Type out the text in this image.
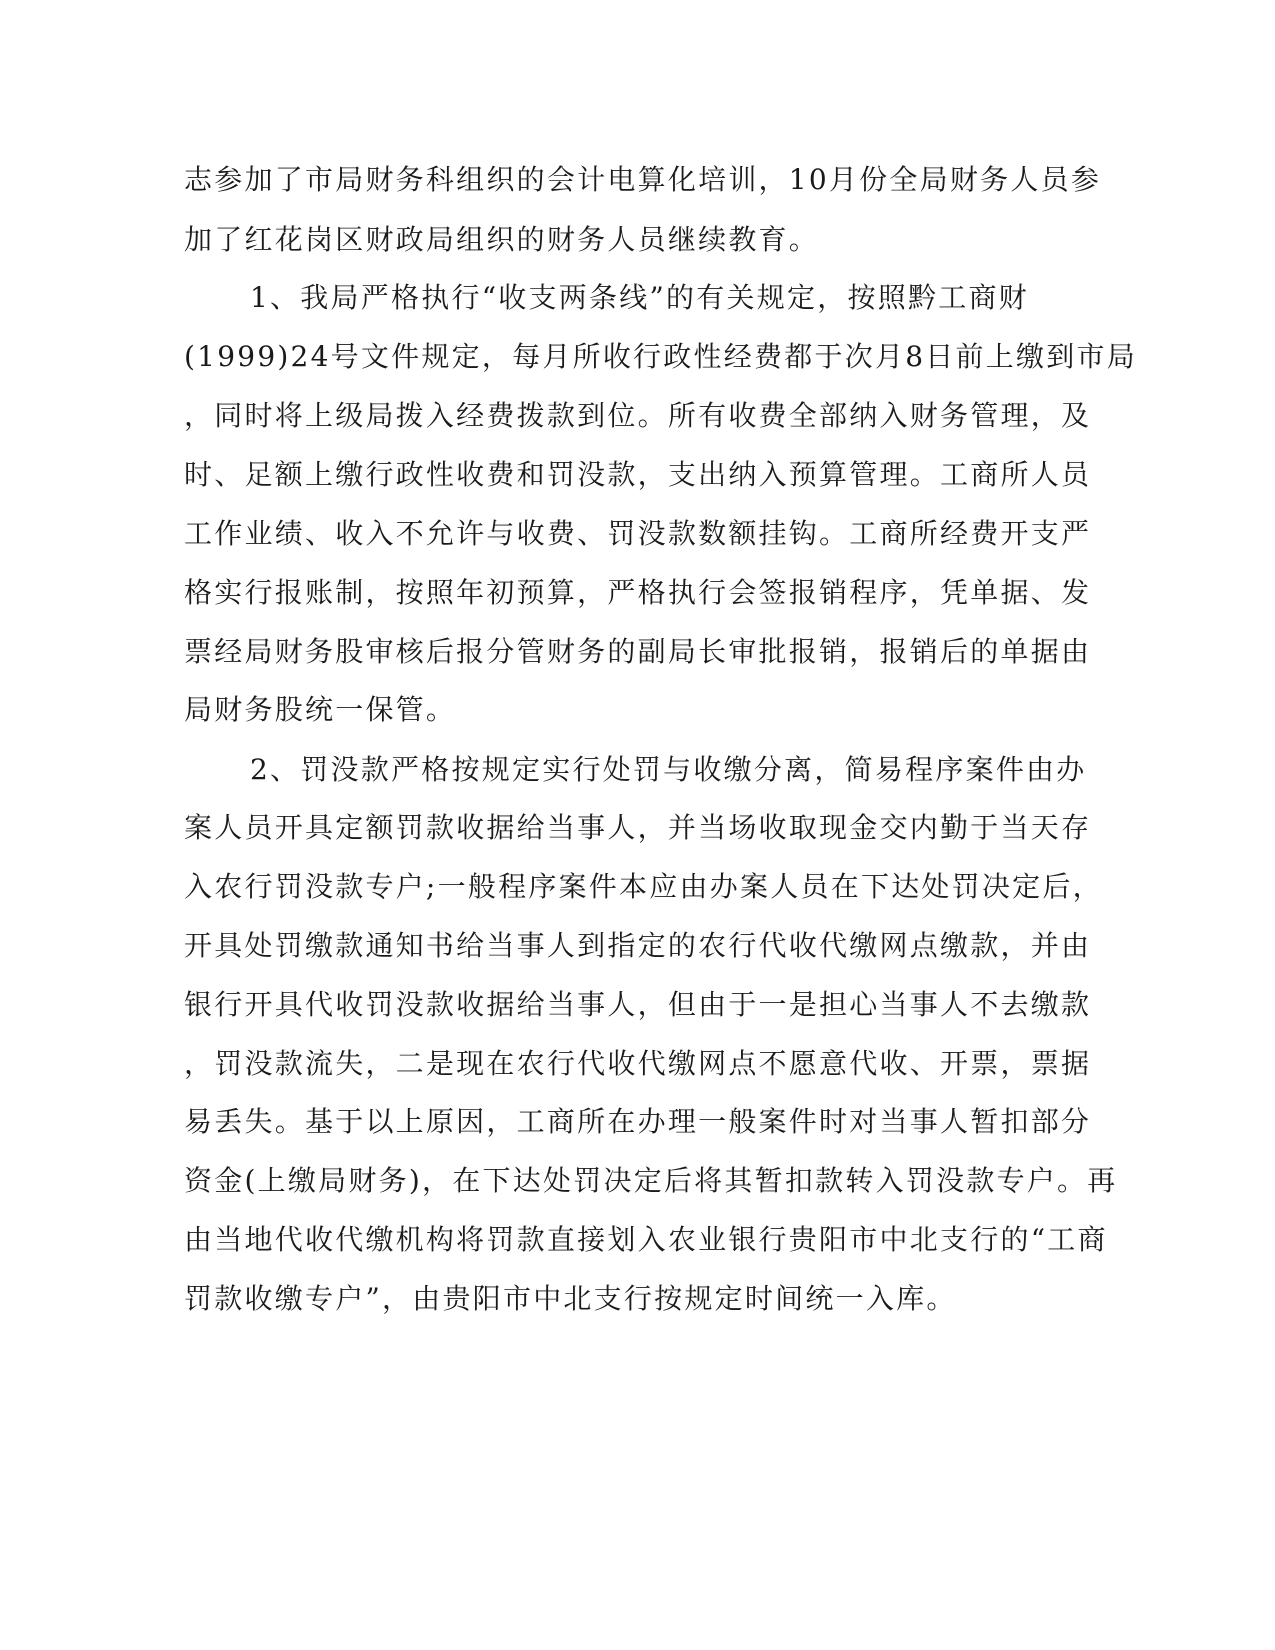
志参加了市局财务科组织的会计电算化培训，10月份全局财务人员参

加了红花岗区财政局组织的财务人员继续教育。

1、我局严格执行“收支两条线”的有关规定，按照黔工商财

(1999)24号文件规定，每月所收行政性经费都于次月8日前上缴到市局

，同时将上级局拨入经费拨款到位。所有收费全部纳入财务管理，及

时、足额上缴行政性收费和罚没款，支出纳入预算管理。工商所人员

工作业绩、收入不允许与收费、罚没款数额挂钩。工商所经费开支严

格实行报账制，按照年初预算，严格执行会签报销程序，凭单据、发

票经局财务股审核后报分管财务的副局长审批报销，报销后的单据由

局财务股统一保管。

2、罚没款严格按规定实行处罚与收缴分离，简易程序案件由办

案人员开具定额罚款收据给当事人，并当场收取现金交内勤于当天存

入农行罚没款专户;一般程序案件本应由办案人员在下达处罚决定后，

开具处罚缴款通知书给当事人到指定的农行代收代缴网点缴款，并由

银行开具代收罚没款收据给当事人，但由于一是担心当事人不去缴款

，罚没款流失，二是现在农行代收代缴网点不愿意代收、开票，票据

易丢失。基于以上原因，工商所在办理一般案件时对当事人暂扣部分

资金(上缴局财务)，在下达处罚决定后将其暂扣款转入罚没款专户。再

由当地代收代缴机构将罚款直接划入农业银行贵阳市中北支行的“工商

罚款收缴专户”，由贵阳市中北支行按规定时间统一入库。
